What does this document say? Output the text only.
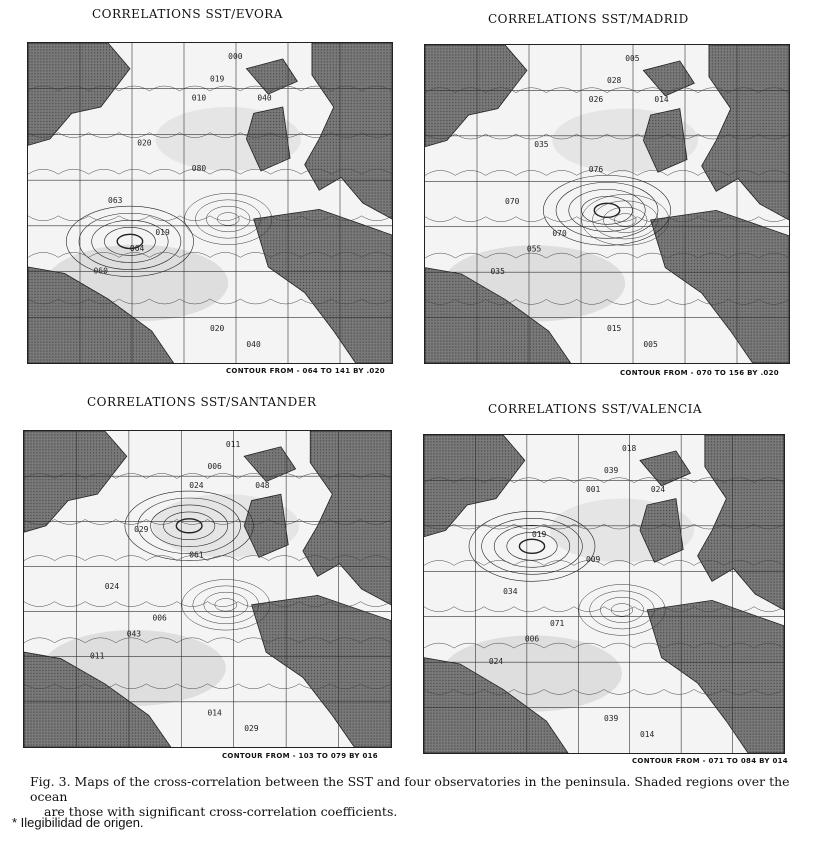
CORRELATIONS SST/EVORA
000
019
040
020
063
080
064
060
020
040
010
019
CONTOUR FROM - 064 TO 141 BY .020
CORRELATIONS SST/MADRID
005
028
014
035
070
076
055
035
015
005
026
070
CONTOUR FROM - 070 TO 156 BY .020
CORRELATIONS SST/SANTANDER
011
006
048
029
024
061
043
011
014
029
024
006
CONTOUR FROM - 103 TO 079 BY 016
CORRELATIONS SST/VALENCIA
018
039
024
019
034
009
006
024
039
014
001
071
CONTOUR FROM - 071 TO 084 BY 014
Fig. 3. Maps of the cross-correlation between the SST and four observatories in the peninsula. Shaded regions over the ocean
are those with significant cross-correlation coefficients.
* Ilegibilidad de origen.
